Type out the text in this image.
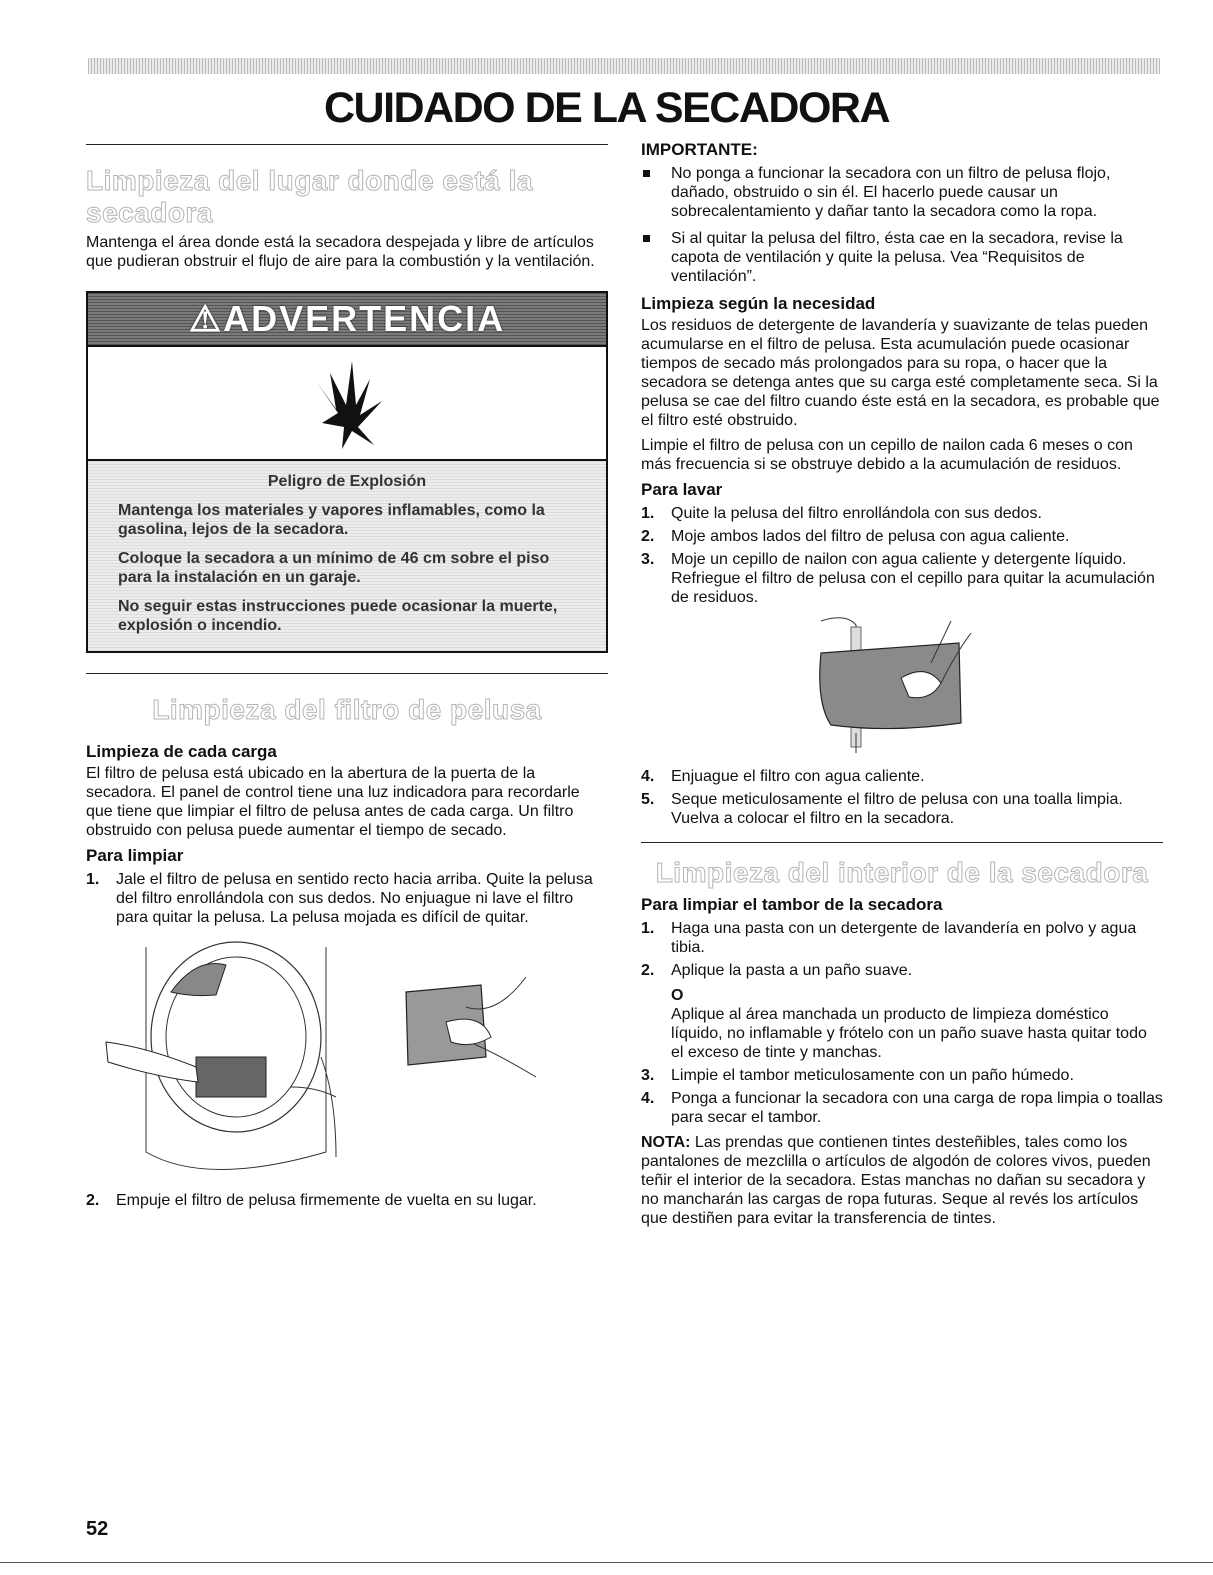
CUIDADO DE LA SECADORA
Limpieza del lugar donde está la secadora

Mantenga el área donde está la secadora despejada y libre de artículos que pudieran obstruir el flujo de aire para la combustión y la ventilación.

⚠ADVERTENCIA
Peligro de Explosión
Mantenga los materiales y vapores inflamables, como la gasolina, lejos de la secadora.
Coloque la secadora a un mínimo de 46 cm sobre el piso para la instalación en un garaje.
No seguir estas instrucciones puede ocasionar la muerte, explosión o incendio.
Limpieza del filtro de pelusa
Limpieza de cada carga

El filtro de pelusa está ubicado en la abertura de la puerta de la secadora. El panel de control tiene una luz indicadora para recordarle que tiene que limpiar el filtro de pelusa antes de cada carga. Un filtro obstruido con pelusa puede aumentar el tiempo de secado.

Para limpiar
1. Jale el filtro de pelusa en sentido recto hacia arriba. Quite la pelusa del filtro enrollándola con sus dedos. No enjuague ni lave el filtro para quitar la pelusa. La pelusa mojada es difícil de quitar.
2. Empuje el filtro de pelusa firmemente de vuelta en su lugar.
IMPORTANTE:
No ponga a funcionar la secadora con un filtro de pelusa flojo, dañado, obstruido o sin él. El hacerlo puede causar un sobrecalentamiento y dañar tanto la secadora como la ropa.
Si al quitar la pelusa del filtro, ésta cae en la secadora, revise la capota de ventilación y quite la pelusa. Vea “Requisitos de ventilación”.
Limpieza según la necesidad

Los residuos de detergente de lavandería y suavizante de telas pueden acumularse en el filtro de pelusa. Esta acumulación puede ocasionar tiempos de secado más prolongados para su ropa, o hacer que la secadora se detenga antes que su carga esté completamente seca. Si la pelusa se cae del filtro cuando éste está en la secadora, es probable que el filtro esté obstruido.

Limpie el filtro de pelusa con un cepillo de nailon cada 6 meses o con más frecuencia si se obstruye debido a la acumulación de residuos.

Para lavar
1. Quite la pelusa del filtro enrollándola con sus dedos.
2. Moje ambos lados del filtro de pelusa con agua caliente.
3. Moje un cepillo de nailon con agua caliente y detergente líquido. Refriegue el filtro de pelusa con el cepillo para quitar la acumulación de residuos.
4. Enjuague el filtro con agua caliente.
5. Seque meticulosamente el filtro de pelusa con una toalla limpia. Vuelva a colocar el filtro en la secadora.
Limpieza del interior de la secadora
Para limpiar el tambor de la secadora
1. Haga una pasta con un detergente de lavandería en polvo y agua tibia.
2. Aplique la pasta a un paño suave.
O
Aplique al área manchada un producto de limpieza doméstico líquido, no inflamable y frótelo con un paño suave hasta quitar todo el exceso de tinte y manchas.
3. Limpie el tambor meticulosamente con un paño húmedo.
4. Ponga a funcionar la secadora con una carga de ropa limpia o toallas para secar el tambor.

NOTA: Las prendas que contienen tintes desteñibles, tales como los pantalones de mezclilla o artículos de algodón de colores vivos, pueden teñir el interior de la secadora. Estas manchas no dañan su secadora y no mancharán las cargas de ropa futuras. Seque al revés los artículos que destiñen para evitar la transferencia de tintes.

52
